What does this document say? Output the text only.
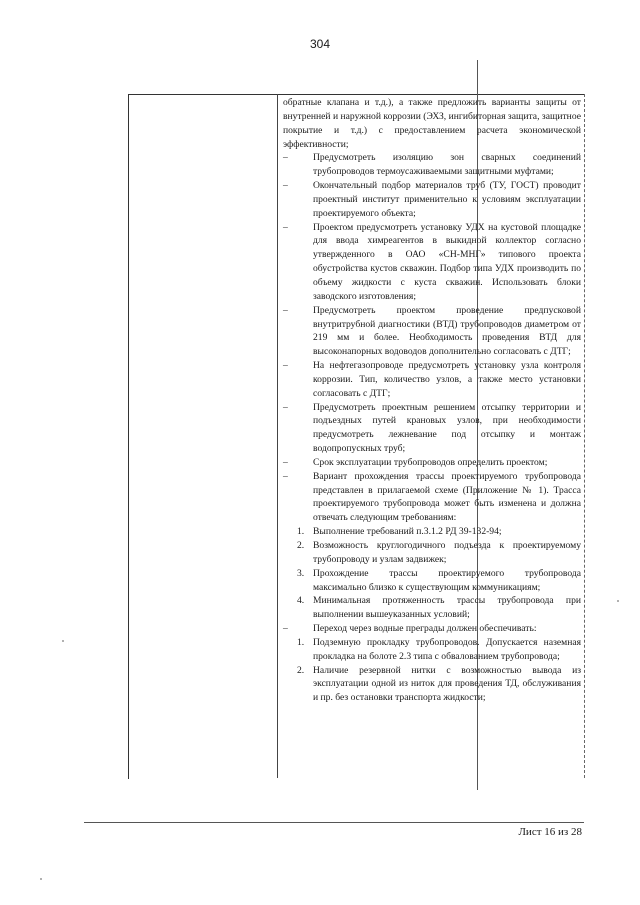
304

обратные клапана и т.д.), а также предложить варианты защиты от внутренней и наружной коррозии (ЭХЗ, ингибиторная защита, защитное покрытие и т.д.) с предоставлением расчета экономической эффективности;

–	Предусмотреть изоляцию зон сварных соединений трубопроводов термоусаживаемыми защитными муфтами;
–	Окончательный подбор материалов труб (ТУ, ГОСТ) проводит проектный институт применительно к условиям эксплуатации проектируемого объекта;
–	Проектом предусмотреть установку УДХ на кустовой площадке для ввода химреагентов в выкидной коллектор согласно утвержденного в ОАО «СН-МНГ» типового проекта обустройства кустов скважин. Подбор типа УДХ производить по объему жидкости с куста скважин. Использовать блоки заводского изготовления;
–	Предусмотреть проектом проведение предпусковой внутритрубной диагностики (ВТД) трубопроводов диаметром от 219 мм и более. Необходимость проведения ВТД для высоконапорных водоводов дополнительно согласовать с ДТГ;
–	На нефтегазопроводе предусмотреть установку узла контроля коррозии. Тип, количество узлов, а также место установки согласовать с ДТГ;
–	Предусмотреть проектным решением отсыпку территории и подъездных путей крановых узлов, при необходимости предусмотреть лежневание под отсыпку и монтаж водопропускных труб;
–	Срок эксплуатации трубопроводов определить проектом;
–	Вариант прохождения трассы проектируемого трубопровода представлен в прилагаемой схеме (Приложение № 1). Трасса проектируемого трубопровода может быть изменена и должна отвечать следующим требованиям:
1. Выполнение требований п.3.1.2 РД 39-132-94;
2. Возможность круглогодичного подъезда к проектируемому трубопроводу и узлам задвижек;
3. Прохождение трассы проектируемого трубопровода максимально близко к существующим коммуникациям;
4. Минимальная протяженность трассы трубопровода при выполнении вышеуказанных условий;
–	Переход через водные преграды должен обеспечивать:
1. Подземную прокладку трубопроводов. Допускается наземная прокладка на болоте 2.3 типа с обвалованием трубопровода;
2. Наличие резервной нитки с возможностью вывода из эксплуатации одной из ниток для проведения ТД, обслуживания и пр. без остановки транспорта жидкости;
Лист 16 из 28
